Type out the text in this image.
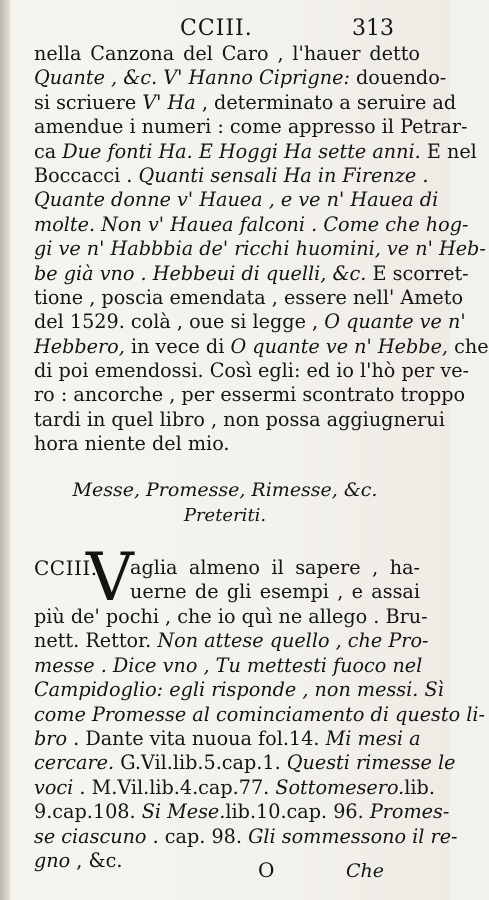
CCIII.	313
nella Canzona del Caro , l'hauer detto
Quante , &c. V' Hanno Ciprigne: douendo-
si scriuere V' Ha , determinato a seruire ad
amendue i numeri : come appresso il Petrar-
ca Due fonti Ha. E Hoggi Ha sette anni. E nel
Boccacci . Quanti sensali Ha in Firenze .
Quante donne v' Hauea , e ve n' Hauea di
molte. Non v' Hauea falconi . Come che hog-
gi ve n' Habbbia de' ricchi huomini, ve n' Heb-
be già vno . Hebbeui di quelli, &c. E scorret-
tione , poscia emendata , essere nell' Ameto
del 1529. colà , oue si legge , O quante ve n'
Hebbero, in vece di O quante ve n' Hebbe, che
di poi emendossi. Così egli: ed io l'hò per ve-
ro : ancorche , per essermi scontrato troppo
tardi in quel libro , non possa aggiugnerui
hora niente del mio.
Messe, Promesse, Rimesse, &c.
Preteriti.
CCIII.
V
aglia almeno il sapere , ha-
uerne de gli esempi , e assai
più de' pochi , che io quì ne allego . Bru-
nett. Rettor. Non attese quello , che Pro-
messe . Dice vno , Tu mettesti fuoco nel
Campidoglio: egli risponde , non messi. Sì
come Promesse al cominciamento di questo li-
bro . Dante vita nuoua fol.14. Mi mesi a
cercare. G.Vil.lib.5.cap.1. Questi rimesse le
voci . M.Vil.lib.4.cap.77. Sottomesero.lib.
9.cap.108. Si Mese.lib.10.cap. 96. Promes-
se ciascuno . cap. 98. Gli sommessono il re-
gno , &c.	O	Che
